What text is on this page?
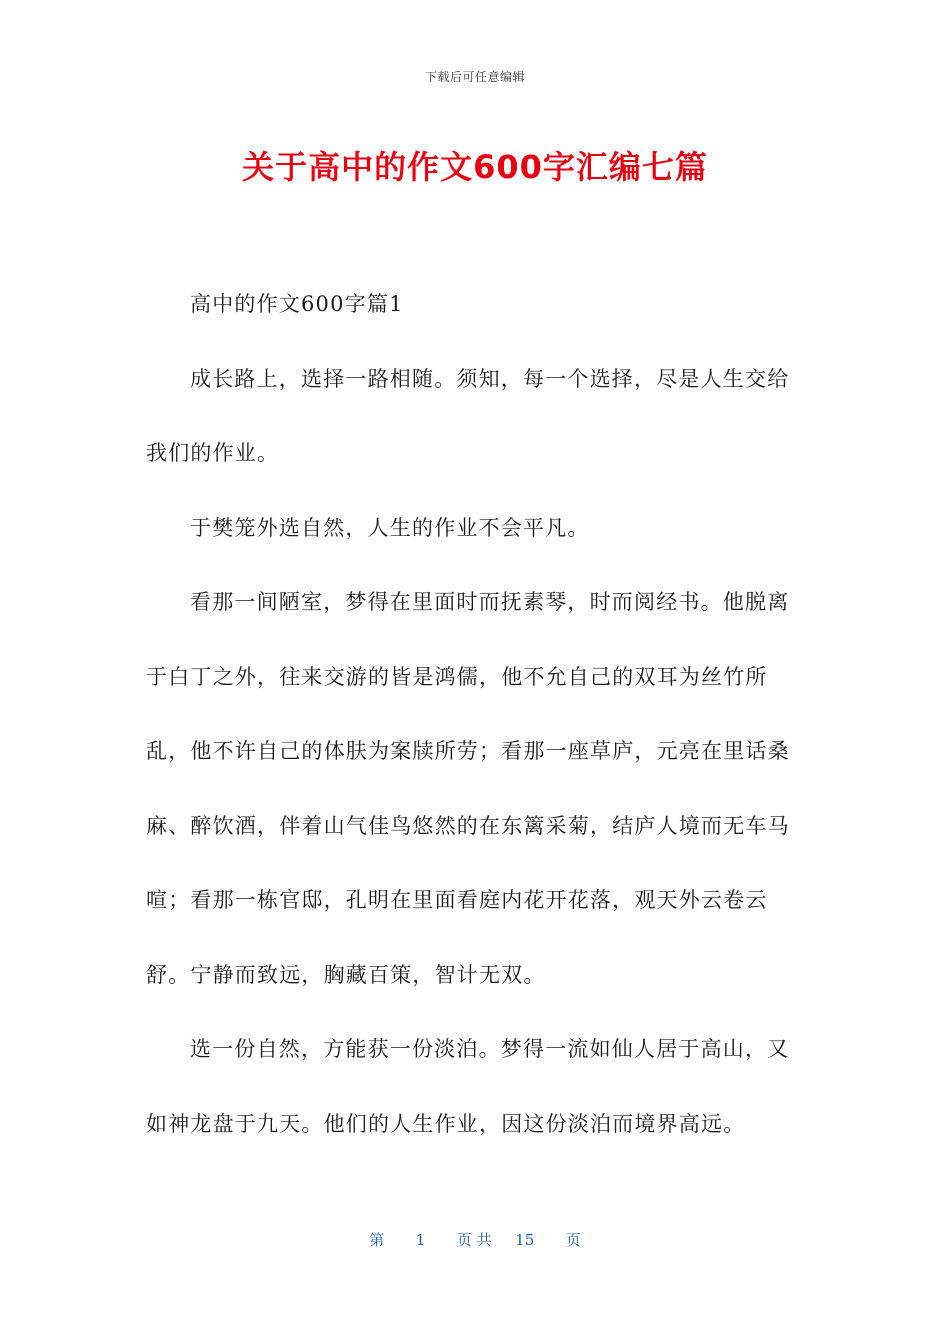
下载后可任意编辑
关于高中的作文600字汇编七篇

高中的作文600字篇1

成长路上，选择一路相随。须知，每一个选择，尽是人生交给我们的作业。

于樊笼外选自然，人生的作业不会平凡。

看那一间陋室，梦得在里面时而抚素琴，时而阅经书。他脱离于白丁之外，往来交游的皆是鸿儒，他不允自己的双耳为丝竹所乱，他不许自己的体肤为案牍所劳；看那一座草庐，元亮在里话桑麻、醉饮酒，伴着山气佳鸟悠然的在东篱采菊，结庐人境而无车马喧；看那一栋官邸，孔明在里面看庭内花开花落，观天外云卷云舒。宁静而致远，胸藏百策，智计无双。

选一份自然，方能获一份淡泊。梦得一流如仙人居于高山，又如神龙盘于九天。他们的人生作业，因这份淡泊而境界高远。

第 1 页 共 15 页
